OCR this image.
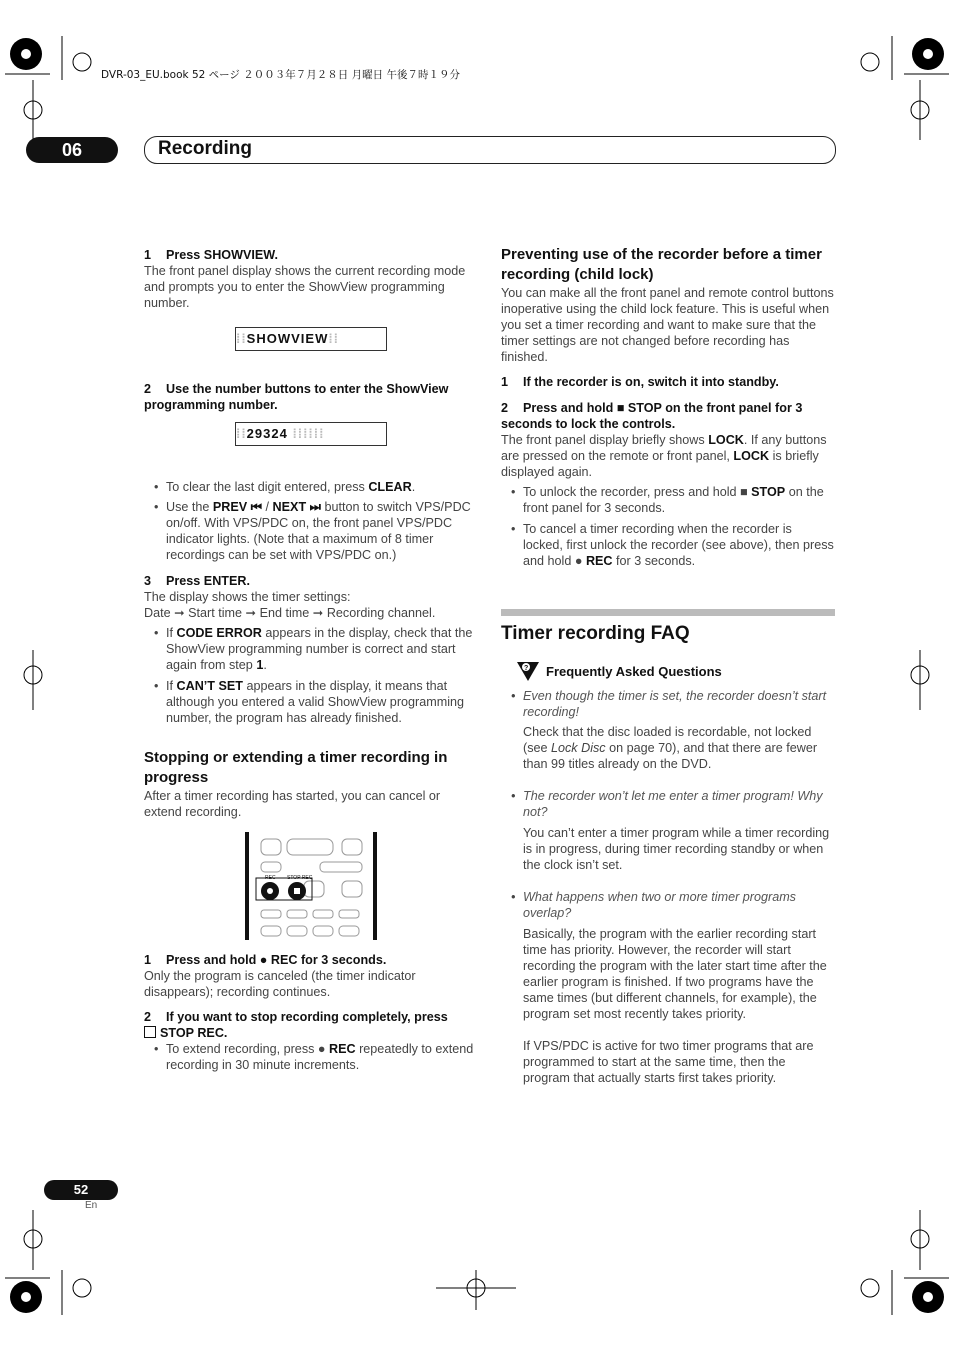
DVR-03_EU.book 52 ページ ２００３年７月２８日 月曜日 午後７時１９分
06	Recording

1 Press SHOWVIEW.

The front panel display shows the current recording mode and prompts you to enter the ShowView programming number.

⁞⁞SHOWVIEW⁞⁞

2 Use the number buttons to enter the ShowView programming number.

⁞⁞29324 ⁞⁞⁞⁞⁞⁞
• To clear the last digit entered, press CLEAR.
• Use the PREV ⏮ / NEXT ⏭ button to switch VPS/PDC on/off. With VPS/PDC on, the front panel VPS/PDC indicator lights. (Note that a maximum of 8 timer recordings can be set with VPS/PDC on.)

3 Press ENTER.

The display shows the timer settings:

Date ➞ Start time ➞ End time ➞ Recording channel.

• If CODE ERROR appears in the display, check that the ShowView programming number is correct and start again from step 1.
• If CAN’T SET appears in the display, it means that although you entered a valid ShowView programming number, the program has already finished.

Stopping or extending a timer recording in progress

After a timer recording has started, you can cancel or extend recording.

REC STOP REC

1 Press and hold ● REC for 3 seconds.

Only the program is canceled (the timer indicator disappears); recording continues.

2 If you want to stop recording completely, press

STOP REC.

• To extend recording, press ● REC repeatedly to extend recording in 30 minute increments.

Preventing use of the recorder before a timer recording (child lock)

You can make all the front panel and remote control buttons inoperative using the child lock feature. This is useful when you set a timer recording and want to make sure that the timer settings are not changed before recording has finished.

1 If the recorder is on, switch it into standby.

2 Press and hold ■ STOP on the front panel for 3 seconds to lock the controls.

The front panel display briefly shows LOCK. If any buttons are pressed on the remote or front panel, LOCK is briefly displayed again.

• To unlock the recorder, press and hold ■ STOP on the front panel for 3 seconds.
• To cancel a timer recording when the recorder is locked, first unlock the recorder (see above), then press and hold ● REC for 3 seconds.

Timer recording FAQ

? Frequently Asked Questions
• Even though the timer is set, the recorder doesn’t start recording!

Check that the disc loaded is recordable, not locked (see Lock Disc on page 70), and that there are fewer than 99 titles already on the DVD.

• The recorder won’t let me enter a timer program! Why not?

You can’t enter a timer program while a timer recording is in progress, during timer recording standby or when the clock isn’t set.

• What happens when two or more timer programs overlap?

Basically, the program with the earlier recording start time has priority. However, the recorder will start recording the program with the later start time after the earlier program is finished. If two programs have the same times (but different channels, for example), the program set most recently takes priority.

If VPS/PDC is active for two timer programs that are programmed to start at the same time, then the program that actually starts first takes priority.

52
En
